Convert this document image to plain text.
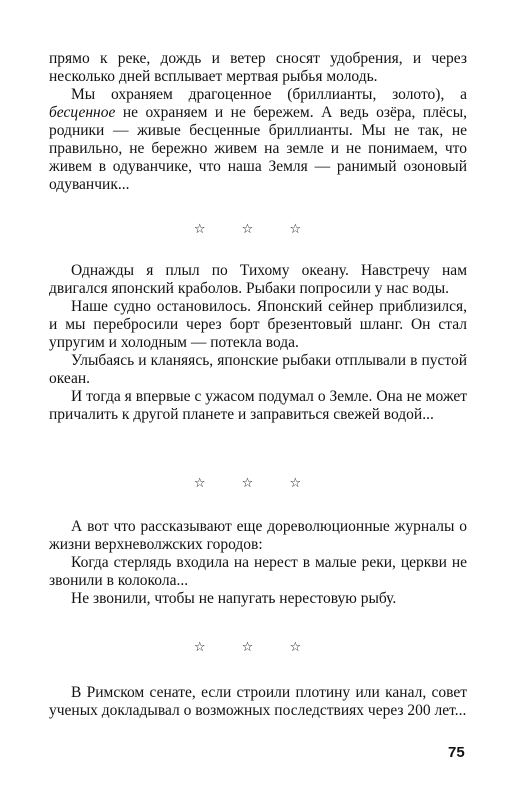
прямо к реке, дождь и ветер сносят удобрения, и через несколько дней всплывает мертвая рыбья молодь.

Мы охраняем драгоценное (бриллианты, золото), а бесценное не охраняем и не бережем. А ведь озёра, плёсы, родники — живые бесценные бриллианты. Мы не так, не правильно, не бережно живем на земле и не понимаем, что живем в одуванчике, что наша Земля — ранимый озоновый одуванчик...

☆ ☆ ☆

Однажды я плыл по Тихому океану. Навстречу нам двигался японский краболов. Рыбаки попросили у нас воды.

Наше судно остановилось. Японский сейнер приблизился, и мы перебросили через борт брезентовый шланг. Он стал упругим и холодным — потекла вода.

Улыбаясь и кланяясь, японские рыбаки отплывали в пустой океан.

И тогда я впервые с ужасом подумал о Земле. Она не может причалить к другой планете и заправиться свежей водой...

☆ ☆ ☆

А вот что рассказывают еще дореволюционные журналы о жизни верхневолжских городов:

Когда стерлядь входила на нерест в малые реки, церкви не звонили в колокола...

Не звонили, чтобы не напугать нерестовую рыбу.

☆ ☆ ☆

В Римском сенате, если строили плотину или канал, совет ученых докладывал о возможных последствиях через 200 лет...

75
